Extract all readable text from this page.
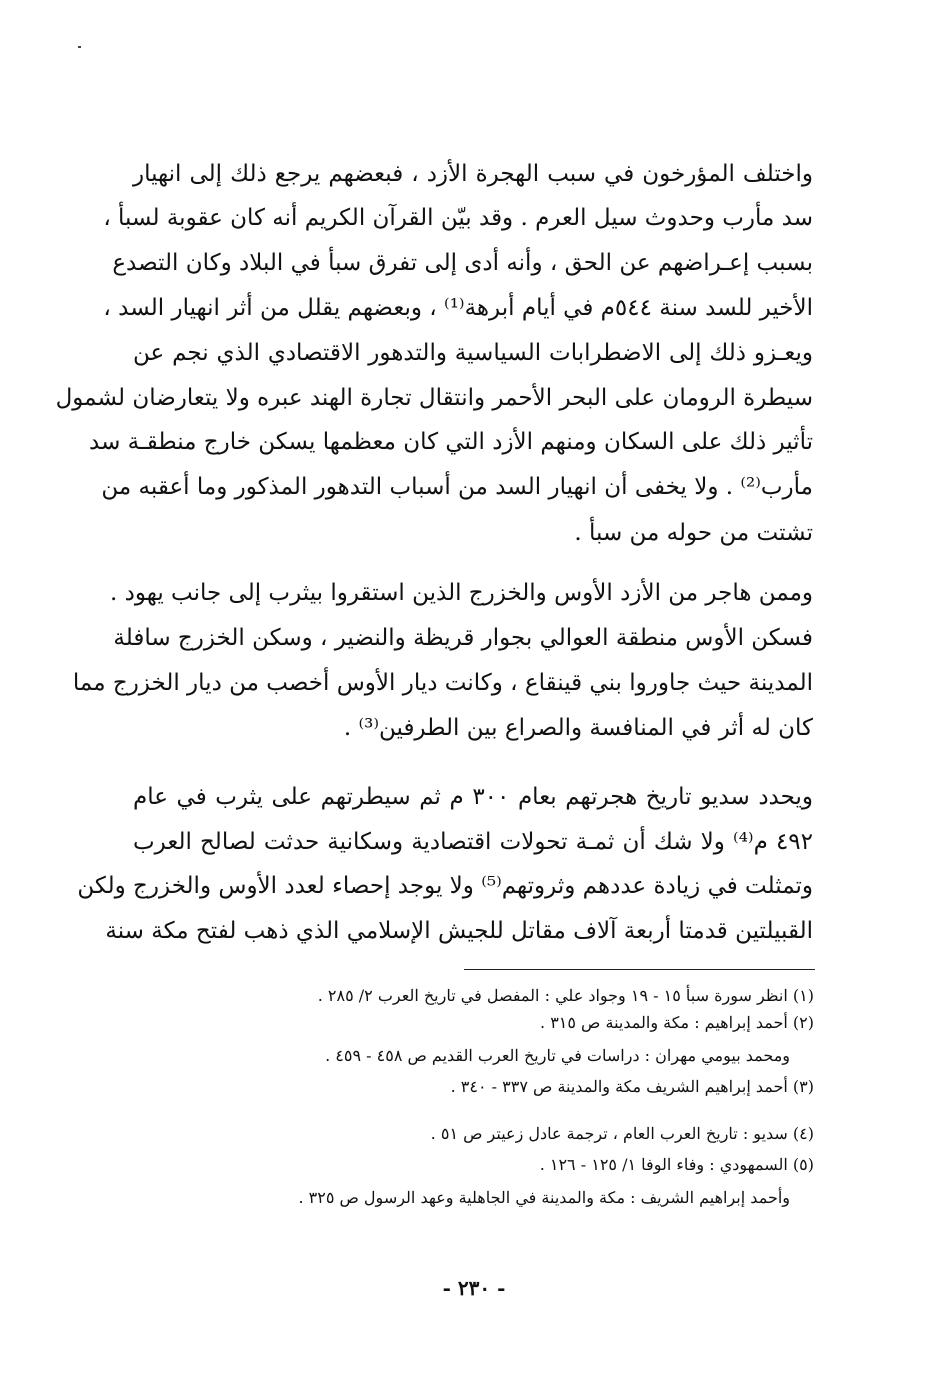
واختلف المؤرخون في سبب الهجرة الأزد ، فبعضهم يرجع ذلك إلى انهيار
سد مأرب وحدوث سيل العرم . وقد بيّن القرآن الكريم أنه كان عقوبة لسبأ ،
بسبب إعـراضهم عن الحق ، وأنه أدى إلى تفرق سبأ في البلاد وكان التصدع
الأخير للسد سنة ٥٤٤م في أيام أبرهة⁽¹⁾ ، وبعضهم يقلل من أثر انهيار السد ،
ويعـزو ذلك إلى الاضطرابات السياسية والتدهور الاقتصادي الذي نجم عن
سيطرة الرومان على البحر الأحمر وانتقال تجارة الهند عبره ولا يتعارضان لشمول
تأثير ذلك على السكان ومنهم الأزد التي كان معظمها يسكن خارج منطقـة سد
مأرب⁽²⁾ . ولا يخفى أن انهيار السد من أسباب التدهور المذكور وما أعقبه من
تشتت من حوله من سبأ .
وممن هاجر من الأزد الأوس والخزرج الذين استقروا بيثرب إلى جانب يهود .
فسكن الأوس منطقة العوالي بجوار قريظة والنضير ، وسكن الخزرج سافلة
المدينة حيث جاوروا بني قينقاع ، وكانت ديار الأوس أخصب من ديار الخزرج مما
كان له أثر في المنافسة والصراع بين الطرفين⁽³⁾ .
ويحدد سديو تاريخ هجرتهم بعام ٣٠٠ م ثم سيطرتهم على يثرب في عام
٤٩٢ م⁽⁴⁾ ولا شك أن ثمـة تحولات اقتصادية وسكانية حدثت لصالح العرب
وتمثلت في زيادة عددهم وثروتهم⁽⁵⁾ ولا يوجد إحصاء لعدد الأوس والخزرج ولكن
القبيلتين قدمتا أربعة آلاف مقاتل للجيش الإسلامي الذي ذهب لفتح مكة سنة
(١) انظر سورة سبأ ١٥ - ١٩ وجواد علي : المفصل في تاريخ العرب ٢/ ٢٨٥ .
(٢) أحمد إبراهيم : مكة والمدينة ص ٣١٥ .
ومحمد بيومي مهران : دراسات في تاريخ العرب القديم ص ٤٥٨ - ٤٥٩ .
(٣) أحمد إبراهيم الشريف مكة والمدينة ص ٣٣٧ - ٣٤٠ .
(٤) سديو : تاريخ العرب العام ، ترجمة عادل زعيتر ص ٥١ .
(٥) السمهودي : وفاء الوفا ١/ ١٢٥ - ١٢٦ .
وأحمد إبراهيم الشريف : مكة والمدينة في الجاهلية وعهد الرسول ص ٣٢٥ .
- ٢٣٠ -
